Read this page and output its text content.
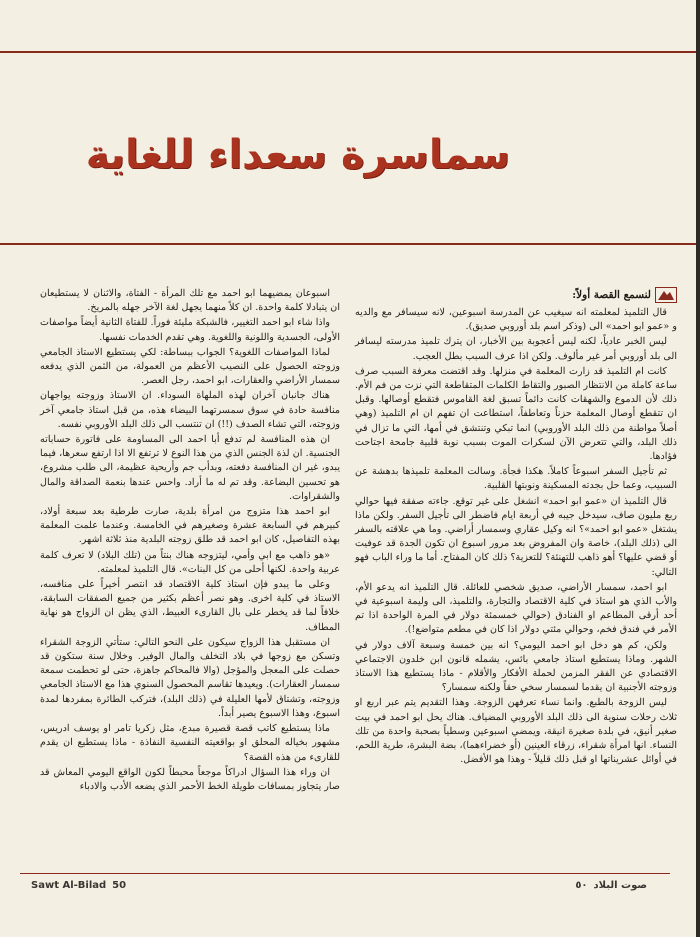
سماسرة سعداء للغاية

لنسمع القصة أولاً:

قال التلميذ لمعلمته انه سيغيب عن المدرسة اسبوعين، لانه سيسافر مع والديه و «عمو ابو احمد» الى (وذكر اسم بلد أوروبي صديق).

ليس الخبر عادياً، لكنه ليس أعجوبة بين الأخبار، ان يترك تلميذ مدرسته ليسافر الى بلد أوروبي أمر غير مألوف. ولكن اذا عرف السبب بطل العجب.

كانت ام التلميذ قد زارت المعلمة في منزلها. وقد اقتضت معرفة السبب صرف ساعة كاملة من الانتظار الصبور والتقاط الكلمات المتقاطعة التي نزت من فم الأم. ذلك لأن الدموع والشهقات كانت دائماً تسبق لغة القاموس فتقطع أوصالها. وقبل ان تتقطع أوصال المعلمة حزناً وتعاطفاً، استطاعت ان تفهم ان ام التلميذ (وهي أصلاً مواطنة من ذلك البلد الأوروبي) انما تبكي وتنتشق في أمها، التي ما تزال في ذلك البلد، والتي تتعرض الآن لسكرات الموت بسبب نوبة قلبية جامحة اجتاحت فؤادها.

ثم تأجيل السفر اسبوعاً كاملاً. هكذا فجأة. وسالت المعلمة تلميذها بدهشة عن السبيب، وعما حل بجدته المسكينة ونوبتها القلبية.

قال التلميذ ان «عمو ابو احمد» انشغل على غير توقع. جاءته صفقة فيها حوالي ربع مليون صاف، سيدخل جيبه في أربعة ايام فاضطر الى تأجيل السفر. ولكن ماذا يشتغل «عمو ابو احمد»؟ انه وكيل عقاري وسمسار أراضي. وما هي علاقته بالسفر الى (ذلك البلد)، خاصة وان المفروض بعد مرور اسبوع ان تكون الجدة قد عوفيت أو قضي عليها؟ أهو ذاهب للتهنئة؟ للتعزية؟ ذلك كان المفتاح. أما ما وراء الباب فهو التالي:

ابو احمد، سمسار الأراضي، صديق شخصي للعائلة. قال التلميذ انه يدعو الأم، والأب الذي هو استاذ في كلية الاقتصاد والتجارة، والتلميذ، الى وليمة اسبوعية في أحد أرقى المطاعم او الفنادق (حوالي خمسمئة دولار في المرة الواحدة اذا تم الأمر في فندق فخم، وحوالي مئتي دولار اذا كان في مطعم متواضع!).

ولكن، كم هو دخل ابو احمد اليومي؟ انه بين خمسة وسبعة آلاف دولار في الشهر. وماذا يستطيع استاذ جامعي بائس، يشمله قانون ابن خلدون الاجتماعي الاقتصادي عن الفقر المزمن لحملة الأفكار والأقلام - ماذا يستطيع هذا الاستاذ وزوجته الأجنبية ان يقدما لسمسار سخي حقاً ولكنه سمسار؟

ليس الزوجة بالطبع. وانما نساء تعرفهن الزوجة. وهذا التقديم يتم عبر اربع او ثلاث رحلات سنوية الى ذلك البلد الأوروبي المضياف. هناك يحل ابو احمد في بيت صغير أنيق، في بلدة صغيرة انيقة، ويمضي اسبوعين وسطياً بصحبة واحدة من تلك النساء. انها امرأة شقراء، زرقاء العينين (أو خضراءهما)، بضة البشرة، طرية اللحم، في أوائل عشريناتها او قبل ذلك قليلاً - وهذا هو الأفضل.

اسبوعان يمضيهما ابو احمد مع تلك المرأة - الفتاة، والاثنان لا يستطيعان ان يتبادلا كلمة واحدة. ان كلاً منهما يجهل لغة الآخر جهله بالمريخ.

واذا شاء ابو احمد التغيير، فالشبكة مليئة فوراً. للفتاة الثانية أيضاً مواصفات الأولى، الجسدية واللونية واللغوية. وهي تقدم الخدمات نفسها.

لماذا المواصفات اللغوية؟ الجواب ببساطة: لكي يستطيع الاستاذ الجامعي وزوجته الحصول على النصيب الأعظم من العمولة، من الثمن الذي يدفعه سمسار الأراضي والعقارات، ابو احمد، رجل العصر.

هناك جانبان آخران لهذه الملهاة السوداء. ان الاستاذ وزوجته يواجهان منافسة حادة في سوق سمسرتهما البيضاء هذه، من قبل استاذ جامعي آخر وزوجته، التي تشاء الصدف (!!) ان تنتسب الى ذلك البلد الأوروبي نفسه.

ان هذه المنافسة لم تدفع أبا احمد الى المساومة على فاتورة حساباته الجنسية. ان لذة الجنس الذي من هذا النوع لا ترتفع الا اذا ارتفع سعرها، فيما يبدو، غير ان المنافسة دفعته، وبدأب جم وأريحية عظيمة، الى طلب مشروع، هو تحسين البضاعة. وقد تم له ما أراد. واحس عندها بنعمة الصداقة والمال والشقراوات.

ابو احمد هذا متزوج من امرأة بلدية، صارت طرطية بعد سبعة أولاد، كبيرهم في السابعة عشرة وصغيرهم في الخامسة. وعندما علمت المعلمة بهذه التفاصيل، كان ابو احمد قد طلق زوجته البلدية منذ ثلاثة اشهر.

«هو ذاهب مع ابي وأمي، ليتزوجه هناك بنتاً من (تلك البلاد) لا تعرف كلمة عربية واحدة. لكنها أحلى من كل البنات». قال التلميذ لمعلمته.

وعلى ما يبدو فإن استاذ كلية الاقتصاد قد انتصر أخيراً على منافسه، الاستاذ في كلية اخرى. وهو نصر أعظم بكثير من جميع الصفقات السابقة، خلافاً لما قد يخطر على بال القارىء العبيط، الذي يظن ان الزواج هو نهاية المطاف.

ان مستقبل هذا الزواج سيكون على النحو التالي: ستأتي الزوجة الشقراء وتسكن مع زوجها في بلاد التخلف والمال الوفير. وخلال سنة ستكون قد حصلت على المعجل والمؤجل (والا فالمحاكم جاهزة، حتى لو تحطمت سمعة سمسار العقارات). ويعيدها تقاسم المحصول السنوي هذا مع الاستاذ الجامعي وزوجته، وتشتاق لأمها العليلة في (ذلك البلد)، فتركب الطائرة بمفردها لمدة اسبوع، وهذا الاسبوع يصير أبداً.

ماذا يستطيع كاتب قصة قصيرة مبدع، مثل زكريا تامر او يوسف ادريس، مشهور بخياله المحلق او بواقعيته النفسية النفاذة - ماذا يستطيع ان يقدم للقارىء من هذه القصة؟

ان وراء هذا السؤال ادراكاً موجعاً محبطاً لكون الواقع اليومي المعاش قد صار يتجاوز بمسافات طويلة الخط الأحمر الذي يضعه الأدب والادباء

Sawt Al-Bilad 50	صوت البلاد٥٠
